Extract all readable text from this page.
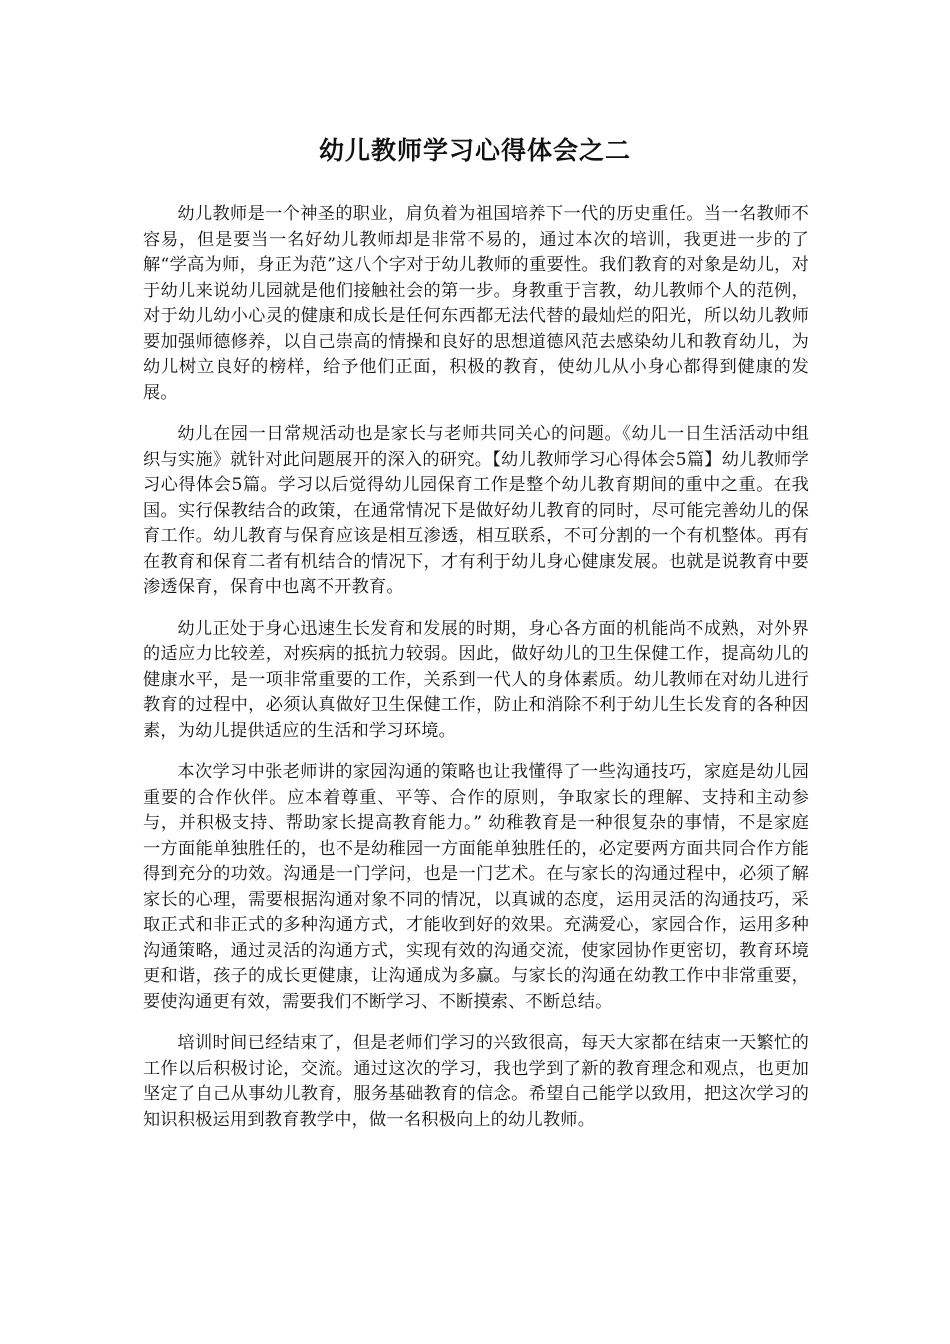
幼儿教师学习心得体会之二

幼儿教师是一个神圣的职业，肩负着为祖国培养下一代的历史重任。当一名教师不容易，但是要当一名好幼儿教师却是非常不易的，通过本次的培训，我更进一步的了解“学高为师，身正为范”这八个字对于幼儿教师的重要性。我们教育的对象是幼儿，对于幼儿来说幼儿园就是他们接触社会的第一步。身教重于言教，幼儿教师个人的范例，对于幼儿幼小心灵的健康和成长是任何东西都无法代替的最灿烂的阳光，所以幼儿教师要加强师德修养，以自己崇高的情操和良好的思想道德风范去感染幼儿和教育幼儿，为幼儿树立良好的榜样，给予他们正面，积极的教育，使幼儿从小身心都得到健康的发展。

幼儿在园一日常规活动也是家长与老师共同关心的问题。《幼儿一日生活活动中组织与实施》就针对此问题展开的深入的研究。【幼儿教师学习心得体会5篇】幼儿教师学习心得体会5篇。学习以后觉得幼儿园保育工作是整个幼儿教育期间的重中之重。在我国。实行保教结合的政策，在通常情况下是做好幼儿教育的同时，尽可能完善幼儿的保育工作。幼儿教育与保育应该是相互渗透，相互联系，不可分割的一个有机整体。再有在教育和保育二者有机结合的情况下，才有利于幼儿身心健康发展。也就是说教育中要渗透保育，保育中也离不开教育。

幼儿正处于身心迅速生长发育和发展的时期，身心各方面的机能尚不成熟，对外界的适应力比较差，对疾病的抵抗力较弱。因此，做好幼儿的卫生保健工作，提高幼儿的健康水平，是一项非常重要的工作，关系到一代人的身体素质。幼儿教师在对幼儿进行教育的过程中，必须认真做好卫生保健工作，防止和消除不利于幼儿生长发育的各种因素，为幼儿提供适应的生活和学习环境。

本次学习中张老师讲的家园沟通的策略也让我懂得了一些沟通技巧，家庭是幼儿园重要的合作伙伴。应本着尊重、平等、合作的原则，争取家长的理解、支持和主动参与，并积极支持、帮助家长提高教育能力。” 幼稚教育是一种很复杂的事情，不是家庭一方面能单独胜任的，也不是幼稚园一方面能单独胜任的，必定要两方面共同合作方能得到充分的功效。沟通是一门学问，也是一门艺术。在与家长的沟通过程中，必须了解家长的心理，需要根据沟通对象不同的情况，以真诚的态度，运用灵活的沟通技巧，采取正式和非正式的多种沟通方式，才能收到好的效果。充满爱心，家园合作，运用多种沟通策略，通过灵活的沟通方式，实现有效的沟通交流，使家园协作更密切，教育环境更和谐，孩子的成长更健康，让沟通成为多赢。与家长的沟通在幼教工作中非常重要，要使沟通更有效，需要我们不断学习、不断摸索、不断总结。

培训时间已经结束了，但是老师们学习的兴致很高，每天大家都在结束一天繁忙的工作以后积极讨论，交流。通过这次的学习，我也学到了新的教育理念和观点，也更加坚定了自己从事幼儿教育，服务基础教育的信念。希望自己能学以致用，把这次学习的知识积极运用到教育教学中，做一名积极向上的幼儿教师。
